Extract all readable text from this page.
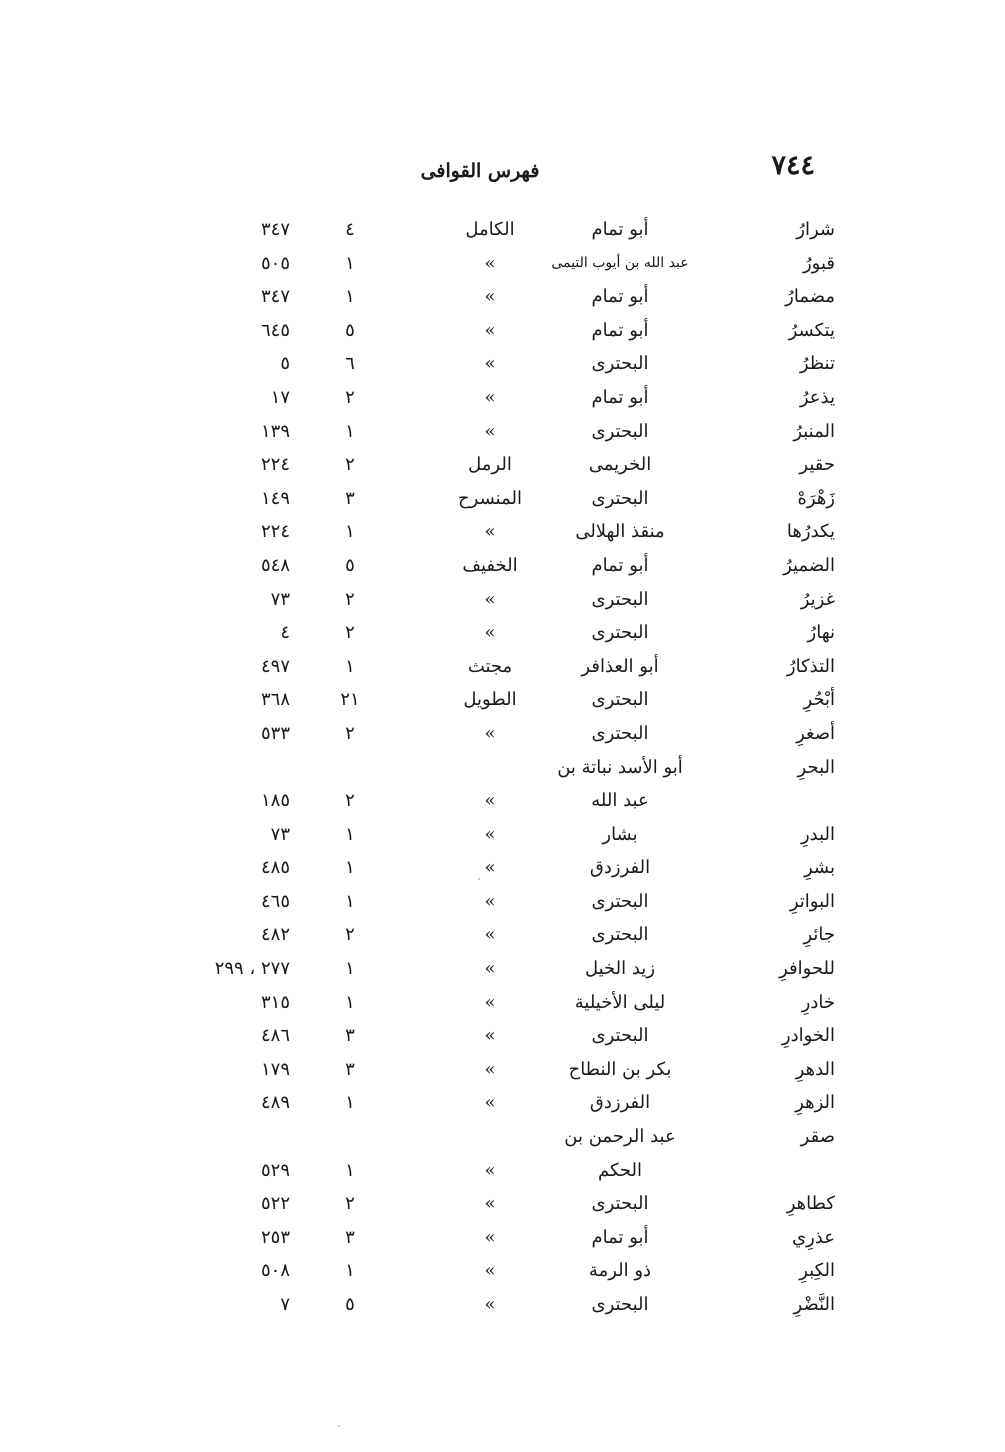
٧٤٤
فهرس القوافى
شرارُ
أبو تمام
الكامل
٤
٣٤٧
قبورُ
عبد الله بن أيوب التيمى
»
١
٥٠٥
مضمارُ
أبو تمام
»
١
٣٤٧
يتكسرُ
أبو تمام
»
٥
٦٤٥
تنظرُ
البحترى
»
٦
٥
يذعرُ
أبو تمام
»
٢
١٧
المنبرُ
البحترى
»
١
١٣٩
حقير
الخريمى
الرمل
٢
٢٢٤
زَهْرَهْ
البحترى
المنسرح
٣
١٤٩
يكدرُها
منقذ الهلالى
»
١
٢٢٤
الضميرُ
أبو تمام
الخفيف
٥
٥٤٨
غزيرُ
البحترى
»
٢
٧٣
نهارُ
البحترى
»
٢
٤
التذكارُ
أبو العذافر
مجتث
١
٤٩٧
أبْحُرِ
البحترى
الطويل
٢١
٣٦٨
أصغرِ
البحترى
»
٢
٥٣٣
البحرِ
أبو الأسد نباتة بن
عبد الله
»
٢
١٨٥
البدرِ
بشار
»
١
٧٣
بشرِ
الفرزدق
»
١
٤٨٥
البواترِ
البحترى
»
١
٤٦٥
جائرِ
البحترى
»
٢
٤٨٢
للحوافرِ
زيد الخيل
»
١
٢٧٧ ، ٢٩٩
خادرِ
ليلى الأخيلية
»
١
٣١٥
الخوادرِ
البحترى
»
٣
٤٨٦
الدهرِ
بكر بن النطاح
»
٣
١٧٩
الزهرِ
الفرزدق
»
١
٤٨٩
صقر
عبد الرحمن بن
الحكم
»
١
٥٢٩
كطاهرِ
البحترى
»
٢
٥٢٢
عذرِي
أبو تمام
»
٣
٢٥٣
الكِبرِ
ذو الرمة
»
١
٥٠٨
النَّضْرِ
البحترى
»
٥
٧
